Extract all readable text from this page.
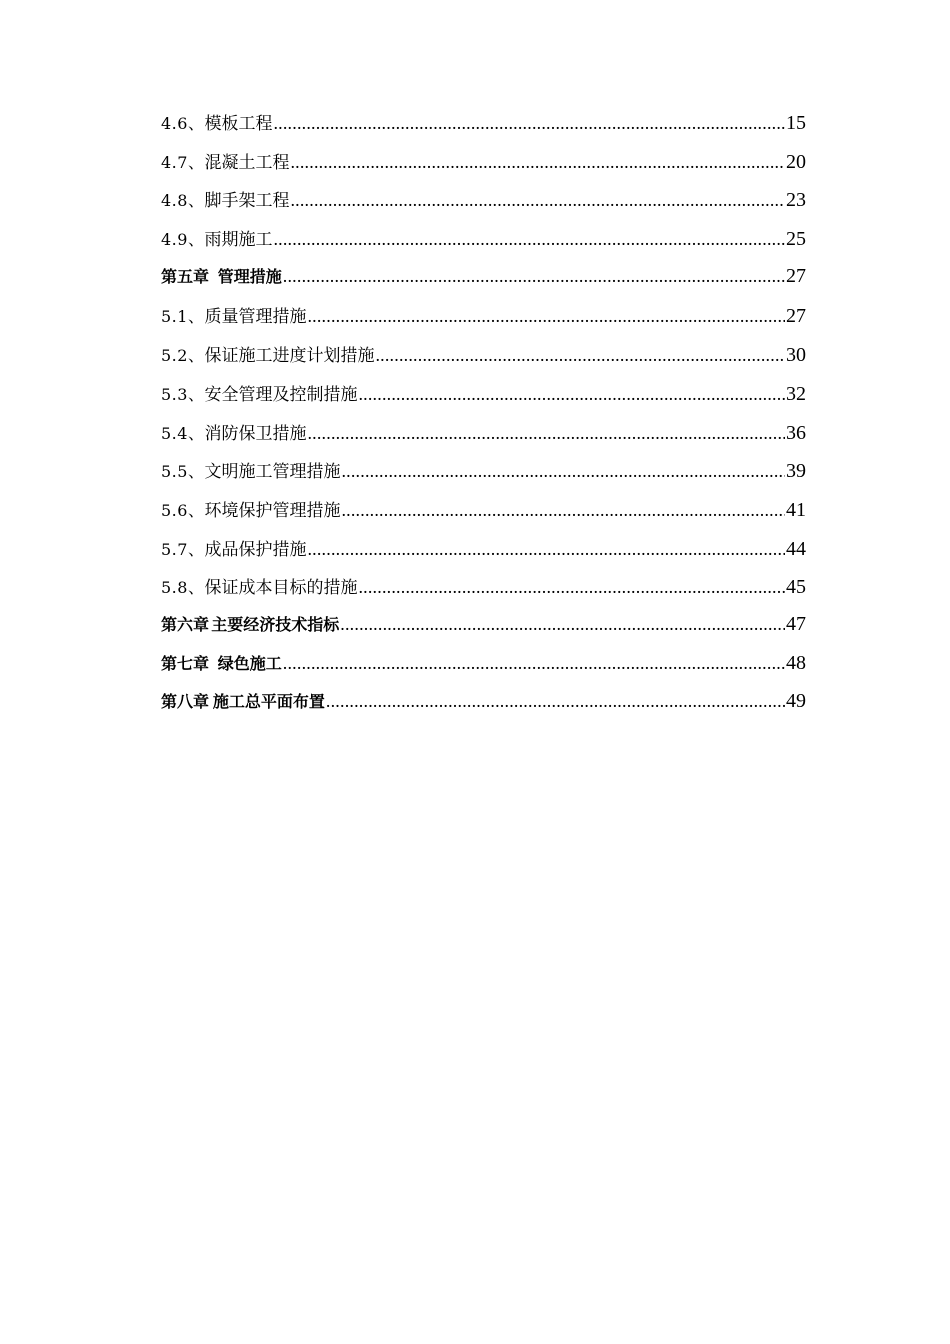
4.6、 模板工程 .....	15
4.7、 混凝土工程 .....	20
4.8、 脚手架工程 .....	23
4.9、 雨期施工 .....	25
第五章 管理措施 .....	27
5.1、 质量管理措施 .....	27
5.2、 保证施工进度计划措施 .....	30
5.3、 安全管理及控制措施 .....	32
5.4、 消防保卫措施 .....	36
5.5、 文明施工管理措施 .....	39
5.6、 环境保护管理措施 .....	41
5.7、 成品保护措施 .....	44
5.8、 保证成本目标的措施 .....	45
第六章 主要经济技术指标 .....	47
第七章 绿色施工 .....	48
第八章 施工总平面布置 .....	49
